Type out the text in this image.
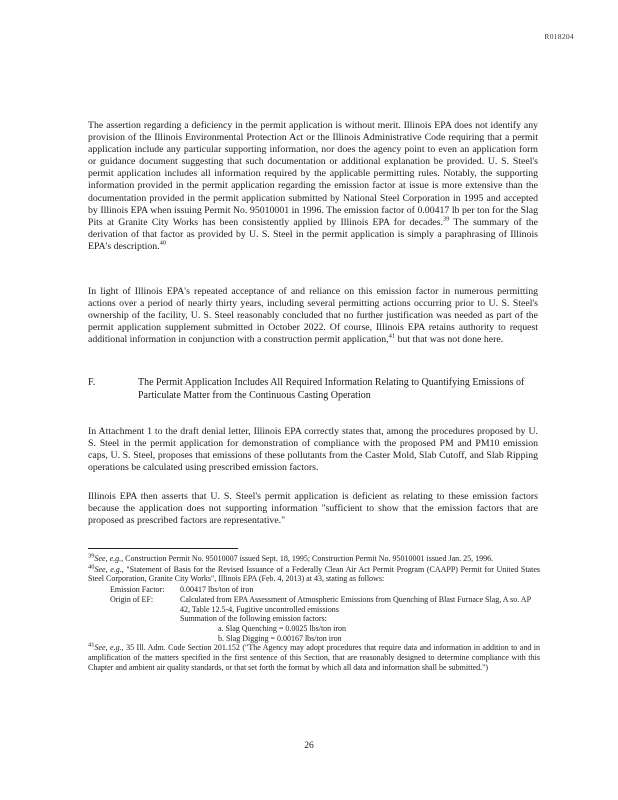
R018204

The assertion regarding a deficiency in the permit application is without merit. Illinois EPA does not identify any provision of the Illinois Environmental Protection Act or the Illinois Administrative Code requiring that a permit application include any particular supporting information, nor does the agency point to even an application form or guidance document suggesting that such documentation or additional explanation be provided. U. S. Steel's permit application includes all information required by the applicable permitting rules. Notably, the supporting information provided in the permit application regarding the emission factor at issue is more extensive than the documentation provided in the permit application submitted by National Steel Corporation in 1995 and accepted by Illinois EPA when issuing Permit No. 95010001 in 1996. The emission factor of 0.00417 lb per ton for the Slag Pits at Granite City Works has been consistently applied by Illinois EPA for decades.$^{39}$ The summary of the derivation of that factor as provided by U. S. Steel in the permit application is simply a paraphrasing of Illinois EPA's description.$^{40}$

In light of Illinois EPA's repeated acceptance of and reliance on this emission factor in numerous permitting actions over a period of nearly thirty years, including several permitting actions occurring prior to U. S. Steel's ownership of the facility, U. S. Steel reasonably concluded that no further justification was needed as part of the permit application supplement submitted in October 2022. Of course, Illinois EPA retains authority to request additional information in conjunction with a construction permit application,$^{41}$ but that was not done here.

F.	The Permit Application Includes All Required Information Relating to Quantifying Emissions of Particulate Matter from the Continuous Casting Operation

In Attachment 1 to the draft denial letter, Illinois EPA correctly states that, among the procedures proposed by U. S. Steel in the permit application for demonstration of compliance with the proposed PM and PM10 emission caps, U. S. Steel, proposes that emissions of these pollutants from the Caster Mold, Slab Cutoff, and Slab Ripping operations be calculated using prescribed emission factors.

Illinois EPA then asserts that U. S. Steel's permit application is deficient as relating to these emission factors because the application does not supporting information "sufficient to show that the emission factors that are proposed as prescribed factors are representative."

$^{39}$See, e.g., Construction Permit No. 95010007 issued Sept. 18, 1995; Construction Permit No. 95010001 issued Jan. 25, 1996.

$^{40}$See, e.g., "Statement of Basis for the Revised Issuance of a Federally Clean Air Act Permit Program (CAAPP) Permit for United States Steel Corporation, Granite City Works", Illinois EPA (Feb. 4, 2013) at 43, stating as follows:

Emission Factor:	0.00417 lbs/ton of iron
Origin of EF:	Calculated from EPA Assessment of Atmospheric Emissions from Quenching of Blast Furnace Slag, A so. AP 42, Table 12.5-4, Fugitive uncontrolled emissions
Summation of the following emission factors:
a. Slag Quenching = 0.0025 lbs/ton iron
b. Slag Digging = 0.00167 lbs/ton iron

$^{41}$See, e.g., 35 Ill. Adm. Code Section 201.152 ("The Agency may adopt procedures that require data and information in addition to and in amplification of the matters specified in the first sentence of this Section, that are reasonably designed to determine compliance with this Chapter and ambient air quality standards, or that set forth the format by which all data and information shall be submitted.")

26
